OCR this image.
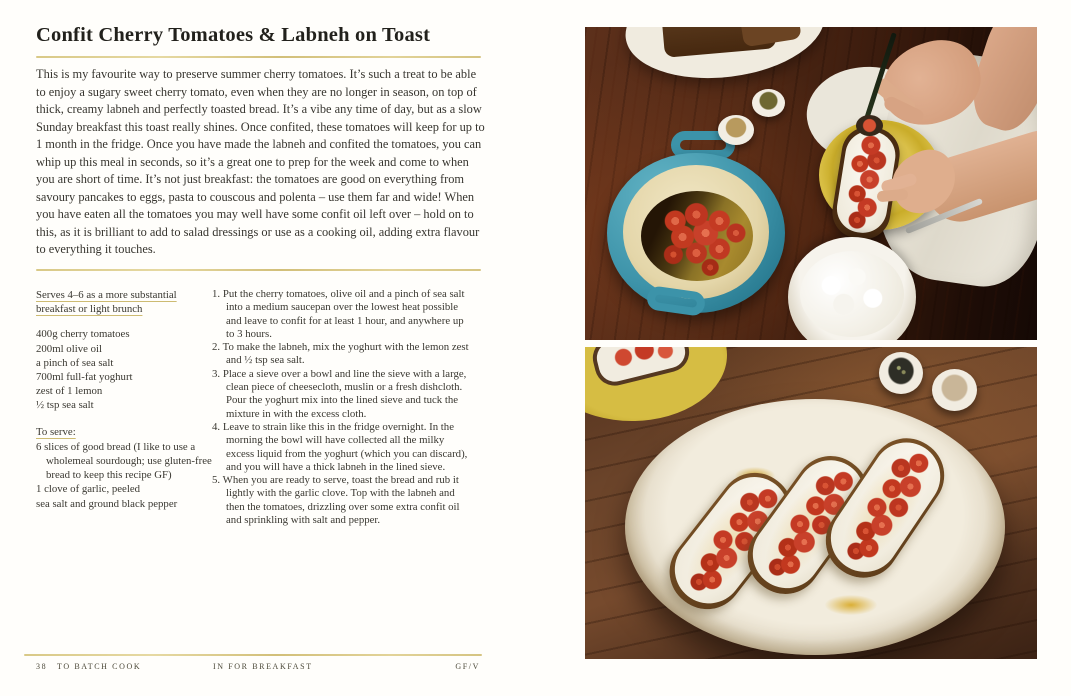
Confit Cherry Tomatoes & Labneh on Toast

This is my favourite way to preserve summer cherry tomatoes. It’s such a treat to be able to enjoy a sugary sweet cherry tomato, even when they are no longer in season, on top of thick, creamy labneh and perfectly toasted bread. It’s a vibe any time of day, but as a slow Sunday breakfast this toast really shines. Once confited, these tomatoes will keep for up to 1 month in the fridge. Once you have made the labneh and confited the tomatoes, you can whip up this meal in seconds, so it’s a great one to prep for the week and come to when you are short of time. It’s not just breakfast: the tomatoes are good on everything from savoury pancakes to eggs, pasta to couscous and polenta – use them far and wide! When you have eaten all the tomatoes you may well have some confit oil left over – hold on to this, as it is brilliant to add to salad dressings or use as a cooking oil, adding extra flavour to everything it touches.

Serves 4–6 as a more substantial breakfast or light brunch

400g cherry tomatoes
200ml olive oil
a pinch of sea salt
700ml full-fat yoghurt
zest of 1 lemon
½ tsp sea salt

To serve:

6 slices of good bread (I like to use a wholemeal sourdough; use gluten-free bread to keep this recipe GF)
1 clove of garlic, peeled
sea salt and ground black pepper
Put the cherry tomatoes, olive oil and a pinch of sea salt into a medium saucepan over the lowest heat possible and leave to confit for at least 1 hour, and anywhere up to 3 hours.
To make the labneh, mix the yoghurt with the lemon zest and ½ tsp sea salt.
Place a sieve over a bowl and line the sieve with a large, clean piece of cheesecloth, muslin or a fresh dishcloth. Pour the yoghurt mix into the lined sieve and tuck the mixture in with the excess cloth.
Leave to strain like this in the fridge overnight. In the morning the bowl will have collected all the milky excess liquid from the yoghurt (which you can discard), and you will have a thick labneh in the lined sieve.
When you are ready to serve, toast the bread and rub it lightly with the garlic clove. Top with the labneh and then the tomatoes, drizzling over some extra confit oil and sprinkling with salt and pepper.
38 TO BATCH COOK	IN FOR BREAKFAST	GF/V
